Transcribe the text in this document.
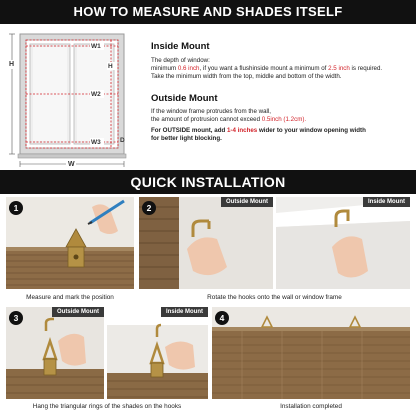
HOW TO MEASURE AND SHADES ITSELF
W1
W2
W3
H
H
W
D
Inside Mount
The depth of window:
minimum 0.6 inch, if you want a flushinside mount a minimum of 2.5 inch is required.
Take the minimum width from the top, middle and bottom of the width.
Outside Mount
If the window frame protrudes from the wall,
the amount of protrusion cannot exceed 0.5inch (1.2cm).
For OUTSIDE mount, add 1-4 inches wider to your window opening width
for better light blocking.
QUICK INSTALLATION
1
Measure and mark the position
2
Outside Mount	Inside Mount
Rotate the hooks onto the wall or window frame
3
Outside Mount	Inside Mount
Hang the triangular rings of the shades on the hooks
4
Installation completed
